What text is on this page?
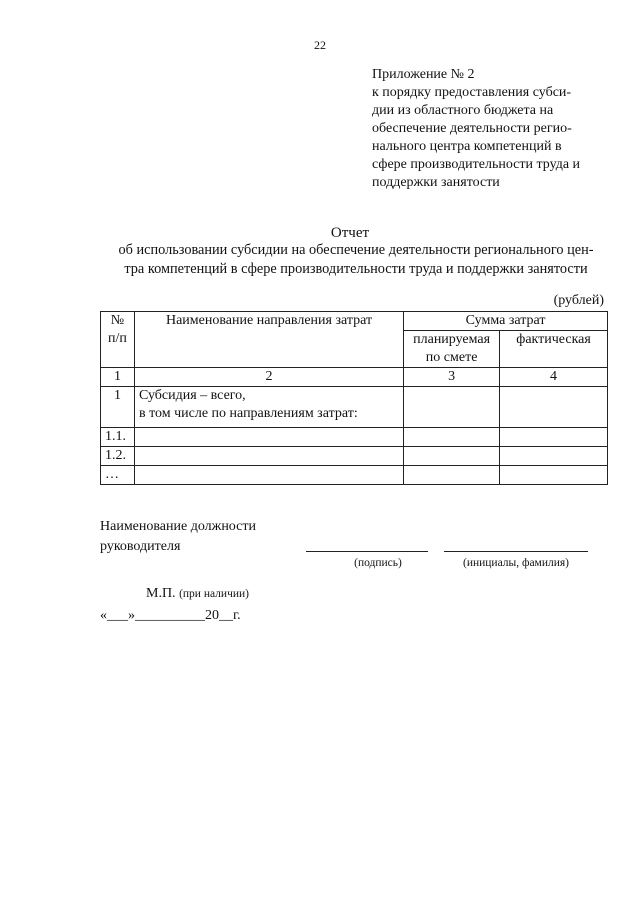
22
Приложение № 2
к порядку предоставления субси-
дии из областного бюджета на
обеспечение деятельности регио-
нального центра компетенций в
сфере производительности труда и
поддержки занятости
Отчет
об использовании субсидии на обеспечение деятельности регионального цен-
тра компетенций в сфере производительности труда и поддержки занятости
(рублей)
№ п/п	Наименование направления затрат	Сумма затрат	
		планируемая по смете	фактическая
1	2	3	4
1	Субсидия – всего,
в том числе по направлениям затрат:		

1.1.			
1.2.			
…			
Наименование должности
руководителя
(подпись)	(инициалы, фамилия)
М.П. (при наличии)
«___»__________20__г.
